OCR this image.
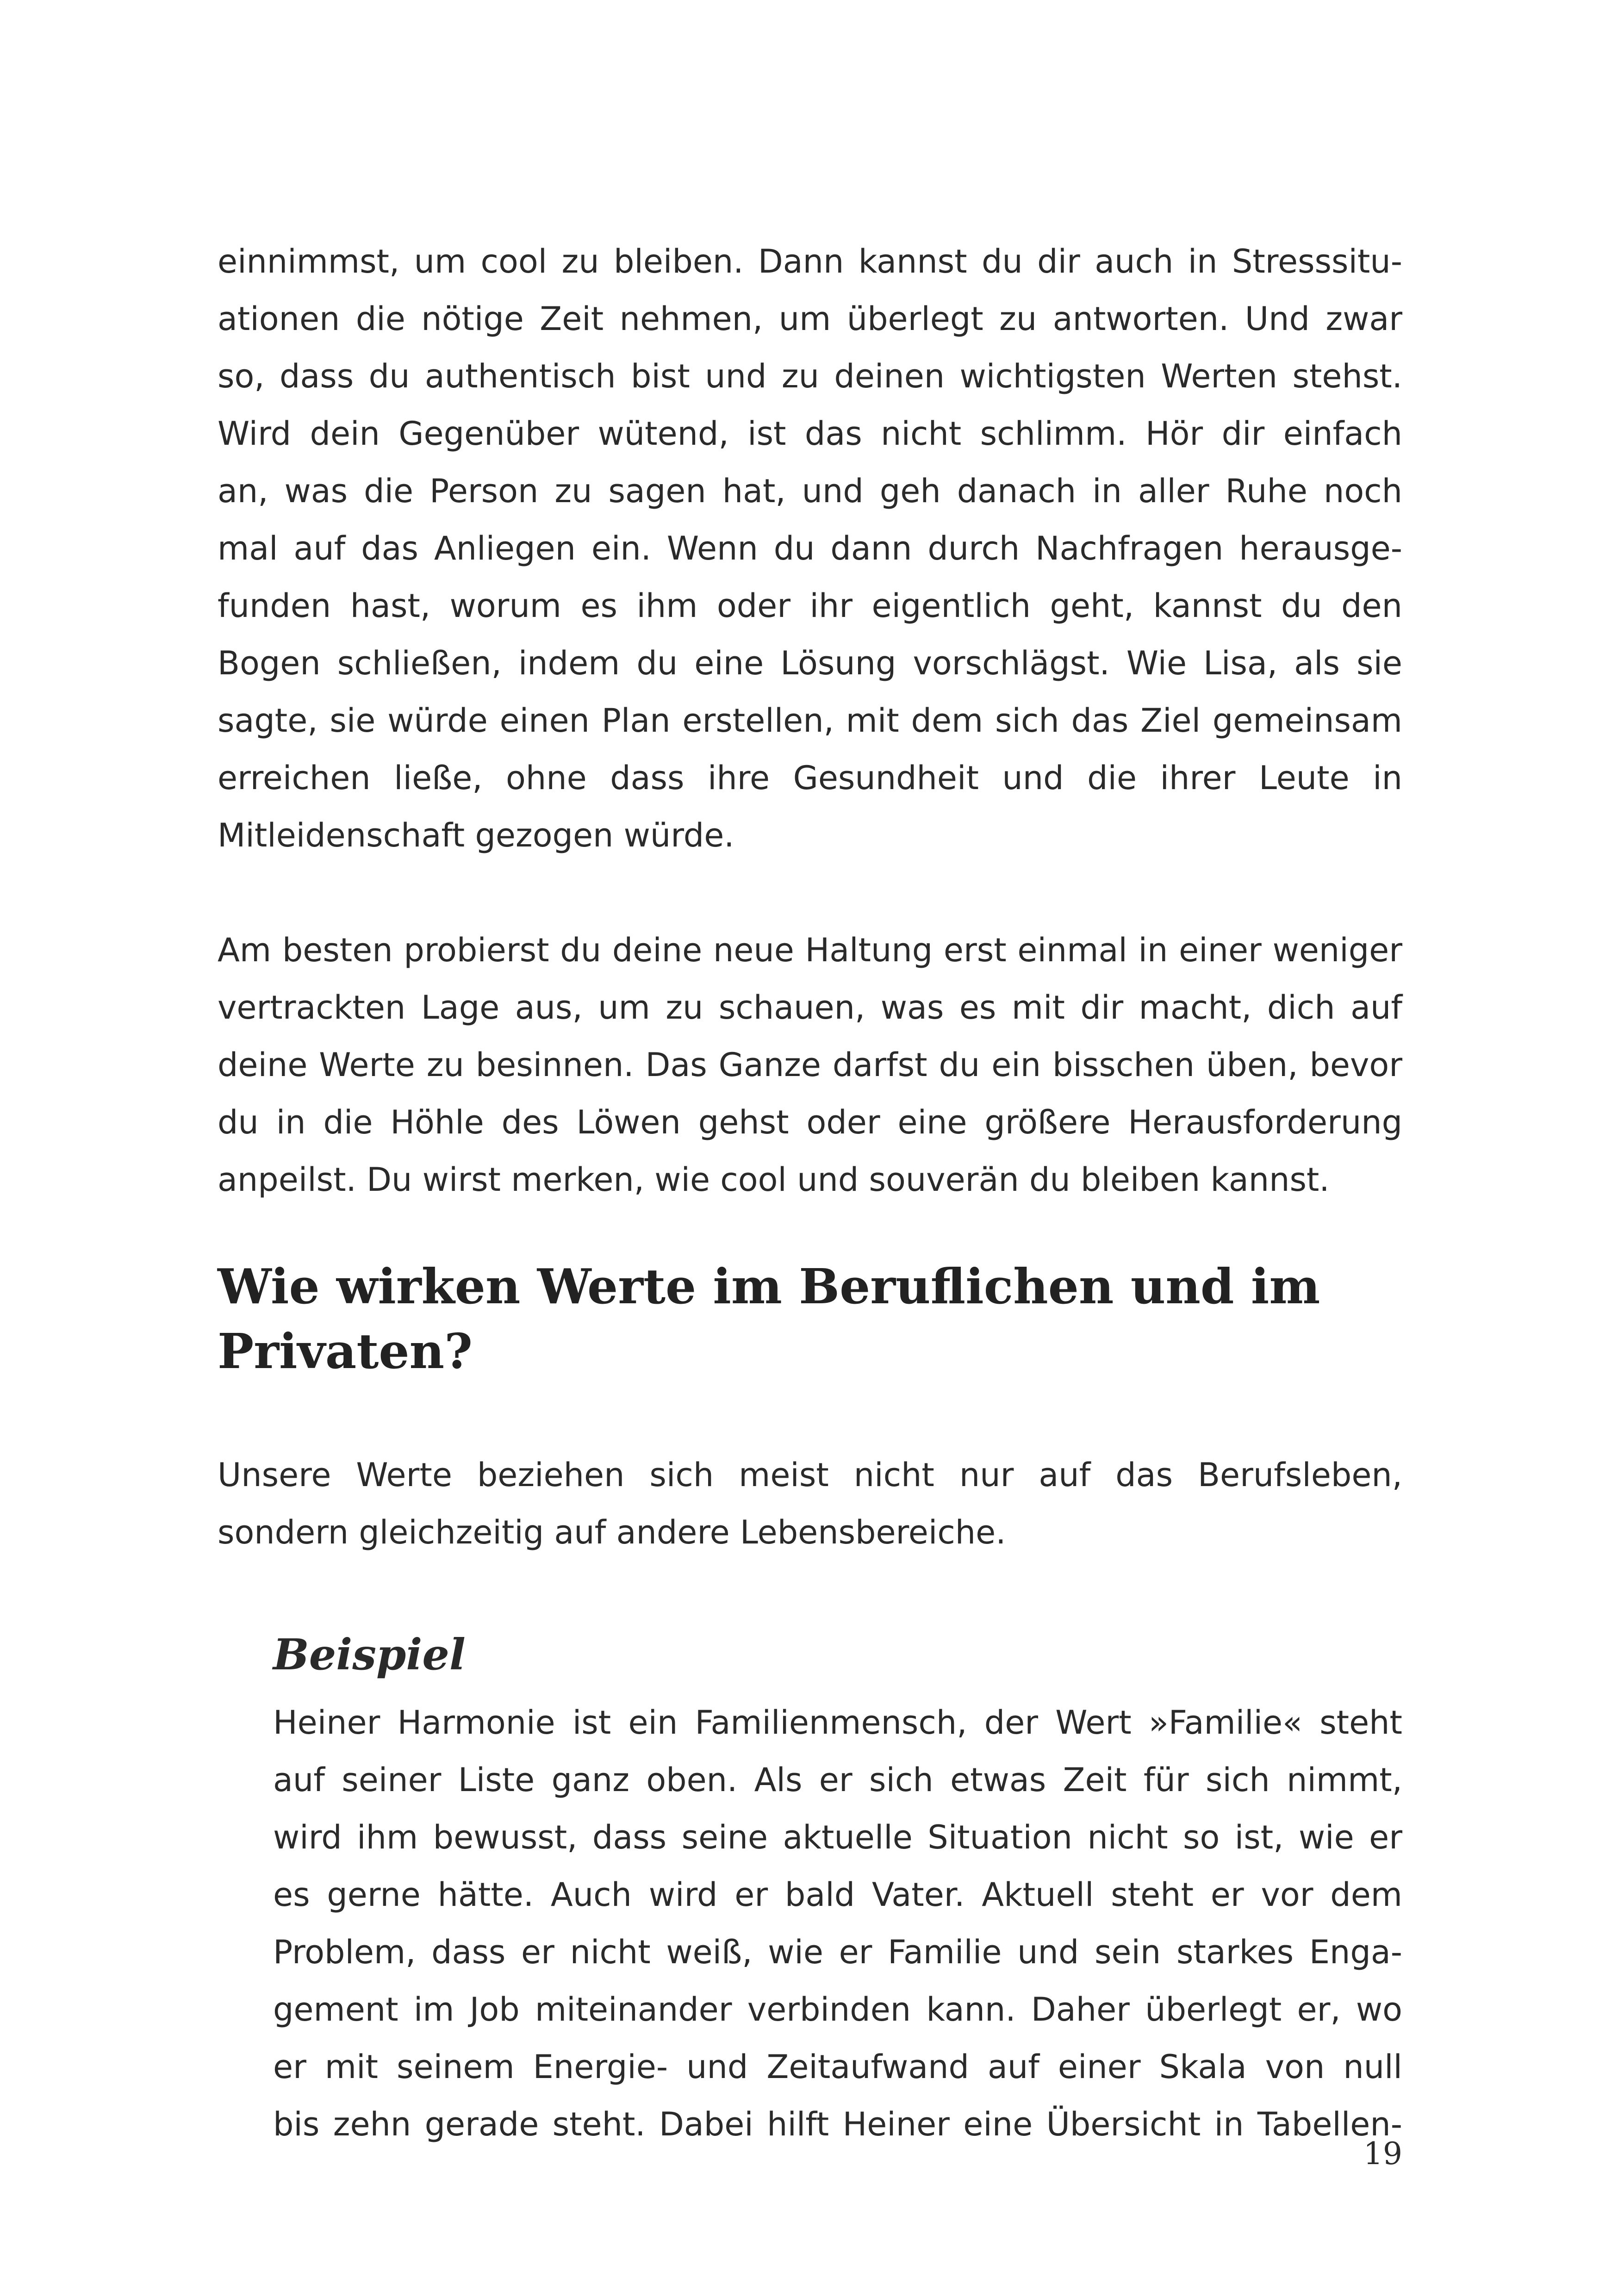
einnimmst, um cool zu bleiben. Dann kannst du dir auch in Stresssitu-
ationen die nötige Zeit nehmen, um überlegt zu antworten. Und zwar
so, dass du authentisch bist und zu deinen wichtigsten Werten stehst.
Wird dein Gegenüber wütend, ist das nicht schlimm. Hör dir einfach
an, was die Person zu sagen hat, und geh danach in aller Ruhe noch
mal auf das Anliegen ein. Wenn du dann durch Nachfragen herausge-
funden hast, worum es ihm oder ihr eigentlich geht, kannst du den
Bogen schließen, indem du eine Lösung vorschlägst. Wie Lisa, als sie
sagte, sie würde einen Plan erstellen, mit dem sich das Ziel gemeinsam
erreichen ließe, ohne dass ihre Gesundheit und die ihrer Leute in
Mitleidenschaft gezogen würde.

Am besten probierst du deine neue Haltung erst einmal in einer weniger
vertrackten Lage aus, um zu schauen, was es mit dir macht, dich auf
deine Werte zu besinnen. Das Ganze darfst du ein bisschen üben, bevor
du in die Höhle des Löwen gehst oder eine größere Herausforderung
anpeilst. Du wirst merken, wie cool und souverän du bleiben kannst.

Wie wirken Werte im Beruflichen und im
Privaten?

Unsere Werte beziehen sich meist nicht nur auf das Berufsleben,
sondern gleichzeitig auf andere Lebensbereiche.

Beispiel

Heiner Harmonie ist ein Familienmensch, der Wert »Familie« steht
auf seiner Liste ganz oben. Als er sich etwas Zeit für sich nimmt,
wird ihm bewusst, dass seine aktuelle Situation nicht so ist, wie er
es gerne hätte. Auch wird er bald Vater. Aktuell steht er vor dem
Problem, dass er nicht weiß, wie er Familie und sein starkes Enga-
gement im Job miteinander verbinden kann. Daher überlegt er, wo
er mit seinem Energie- und Zeitaufwand auf einer Skala von null
bis zehn gerade steht. Dabei hilft Heiner eine Übersicht in Tabellen-

19
